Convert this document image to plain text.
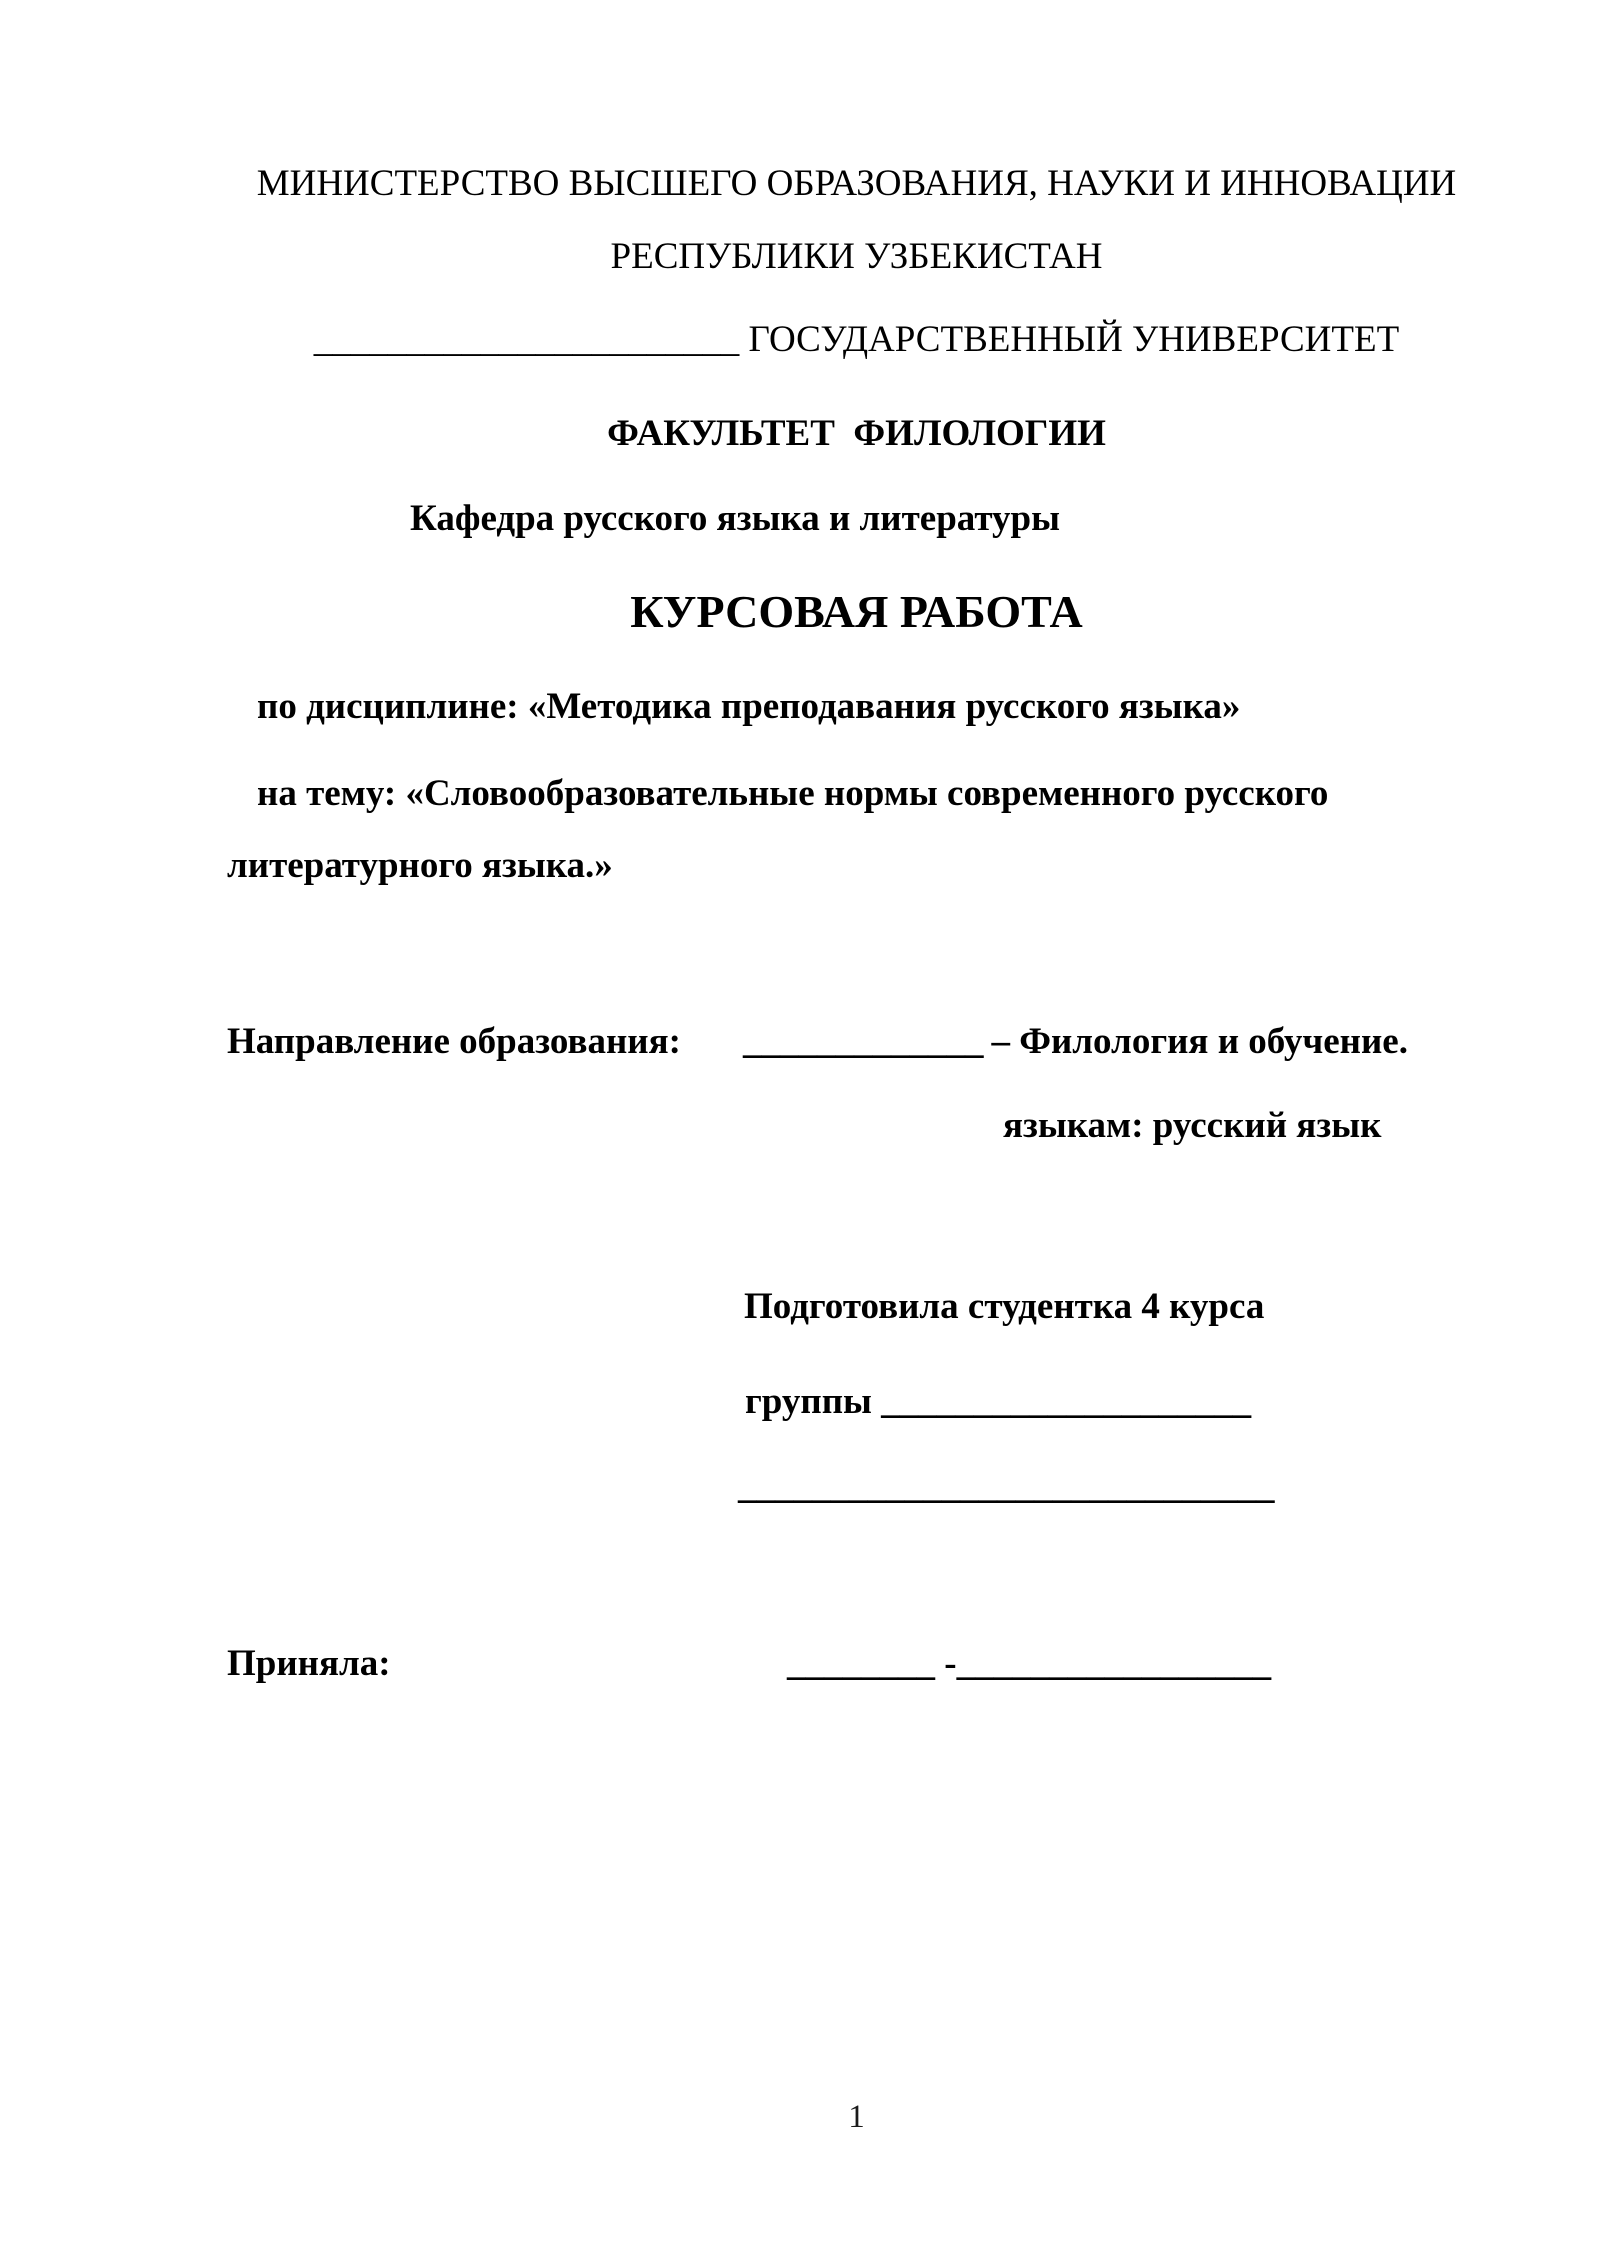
МИНИСТЕРСТВО ВЫСШЕГО ОБРАЗОВАНИЯ, НАУКИ И ИННОВАЦИИ
РЕСПУБЛИКИ УЗБЕКИСТАН
_______________________ ГОСУДАРСТВЕННЫЙ УНИВЕРСИТЕТ
ФАКУЛЬТЕТ  ФИЛОЛОГИИ
Кафедра русского языка и литературы
КУРСОВАЯ РАБОТА
по дисциплине: «Методика преподавания русского языка»
на тему: «Словообразовательные нормы современного русского
литературного языка.»
Направление образования: _____________ – Филология и обучение.
языкам: русский язык
Подготовила студентка 4 курса
группы ____________________
_____________________________
Приняла:	________ -_________________
1
